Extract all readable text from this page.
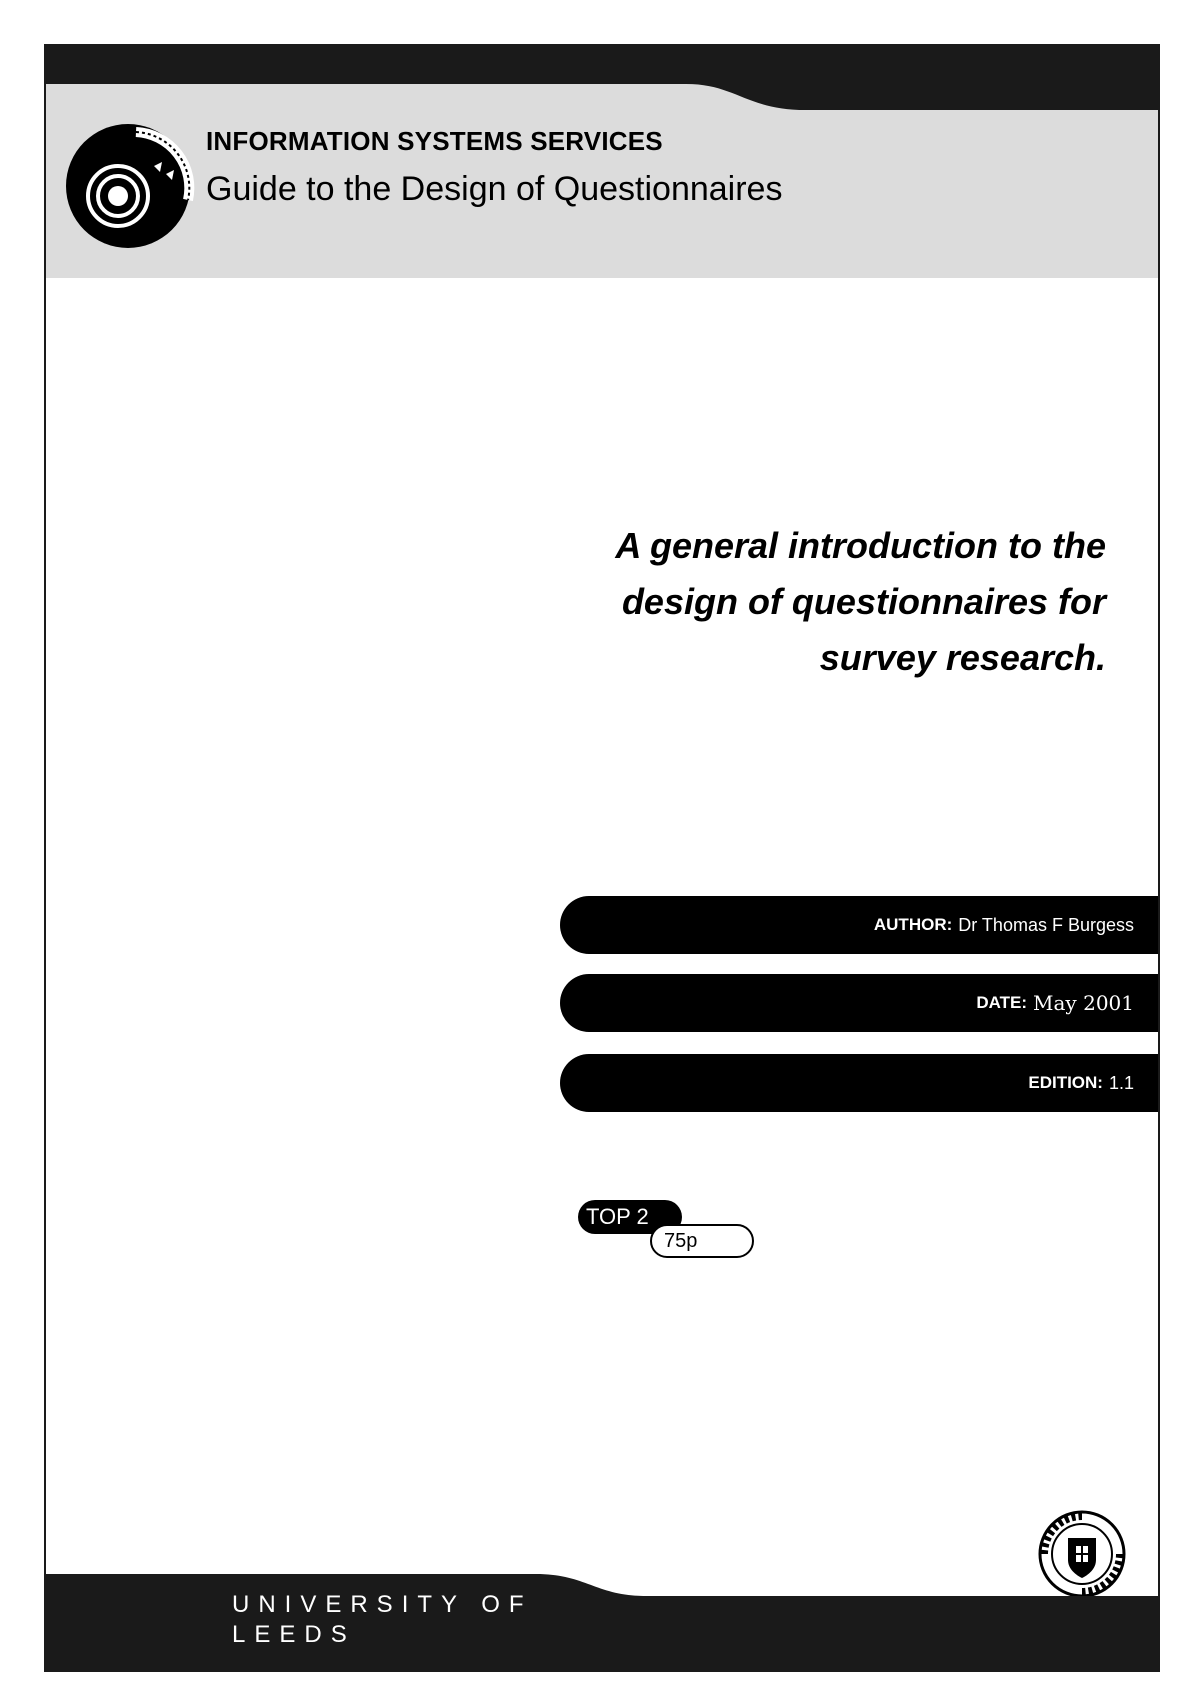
INFORMATION SYSTEMS SERVICES
Guide to the Design of Questionnaires
A general introduction to the
design of questionnaires for
survey research.
AUTHOR: Dr Thomas F Burgess
DATE: May 2001
EDITION: 1.1
TOP 2
75p
UNIVERSITY OF
LEEDS
